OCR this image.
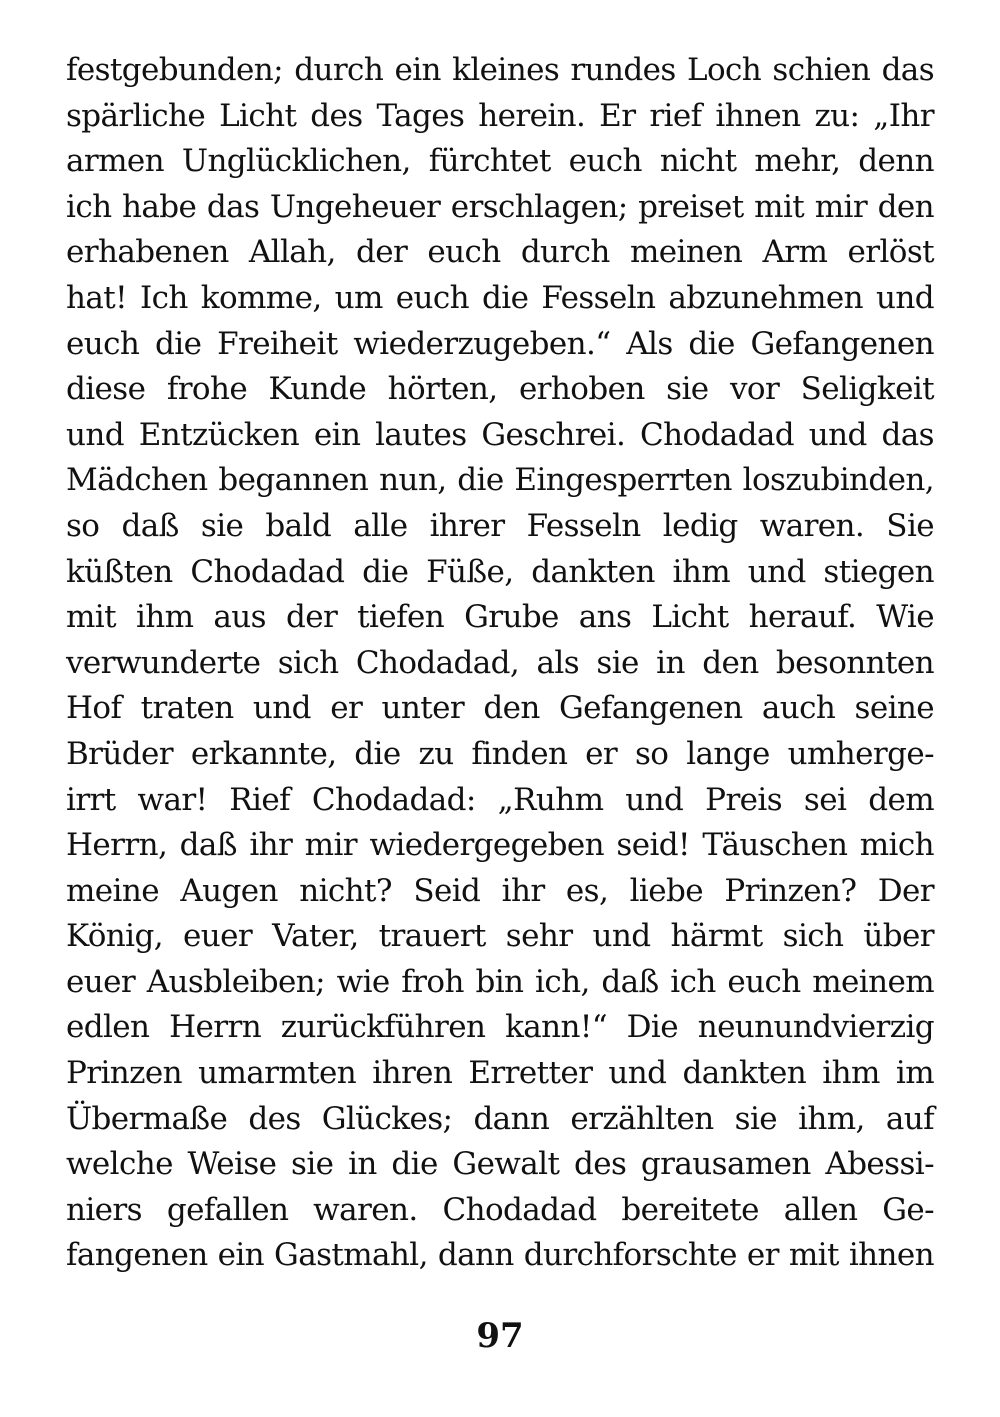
festgebunden; durch ein kleines rundes Loch schien das
spärliche Licht des Tages herein. Er rief ihnen zu: „Ihr
armen Unglücklichen, fürchtet euch nicht mehr, denn
ich habe das Ungeheuer erschlagen; preiset mit mir den
erhabenen Allah, der euch durch meinen Arm erlöst
hat! Ich komme, um euch die Fesseln abzunehmen und
euch die Freiheit wiederzugeben.“ Als die Gefangenen
diese frohe Kunde hörten, erhoben sie vor Seligkeit
und Entzücken ein lautes Geschrei. Chodadad und das
Mädchen begannen nun, die Eingesperrten loszubinden,
so daß sie bald alle ihrer Fesseln ledig waren. Sie
küßten Chodadad die Füße, dankten ihm und stiegen
mit ihm aus der tiefen Grube ans Licht herauf. Wie
verwunderte sich Chodadad, als sie in den besonnten
Hof traten und er unter den Gefangenen auch seine
Brüder erkannte, die zu finden er so lange umherge-
irrt war! Rief Chodadad: „Ruhm und Preis sei dem
Herrn, daß ihr mir wiedergegeben seid! Täuschen mich
meine Augen nicht? Seid ihr es, liebe Prinzen? Der
König, euer Vater, trauert sehr und härmt sich über
euer Ausbleiben; wie froh bin ich, daß ich euch meinem
edlen Herrn zurückführen kann!“ Die neunundvierzig
Prinzen umarmten ihren Erretter und dankten ihm im
Übermaße des Glückes; dann erzählten sie ihm, auf
welche Weise sie in die Gewalt des grausamen Abessi-
niers gefallen waren. Chodadad bereitete allen Ge-
fangenen ein Gastmahl, dann durchforschte er mit ihnen
97
